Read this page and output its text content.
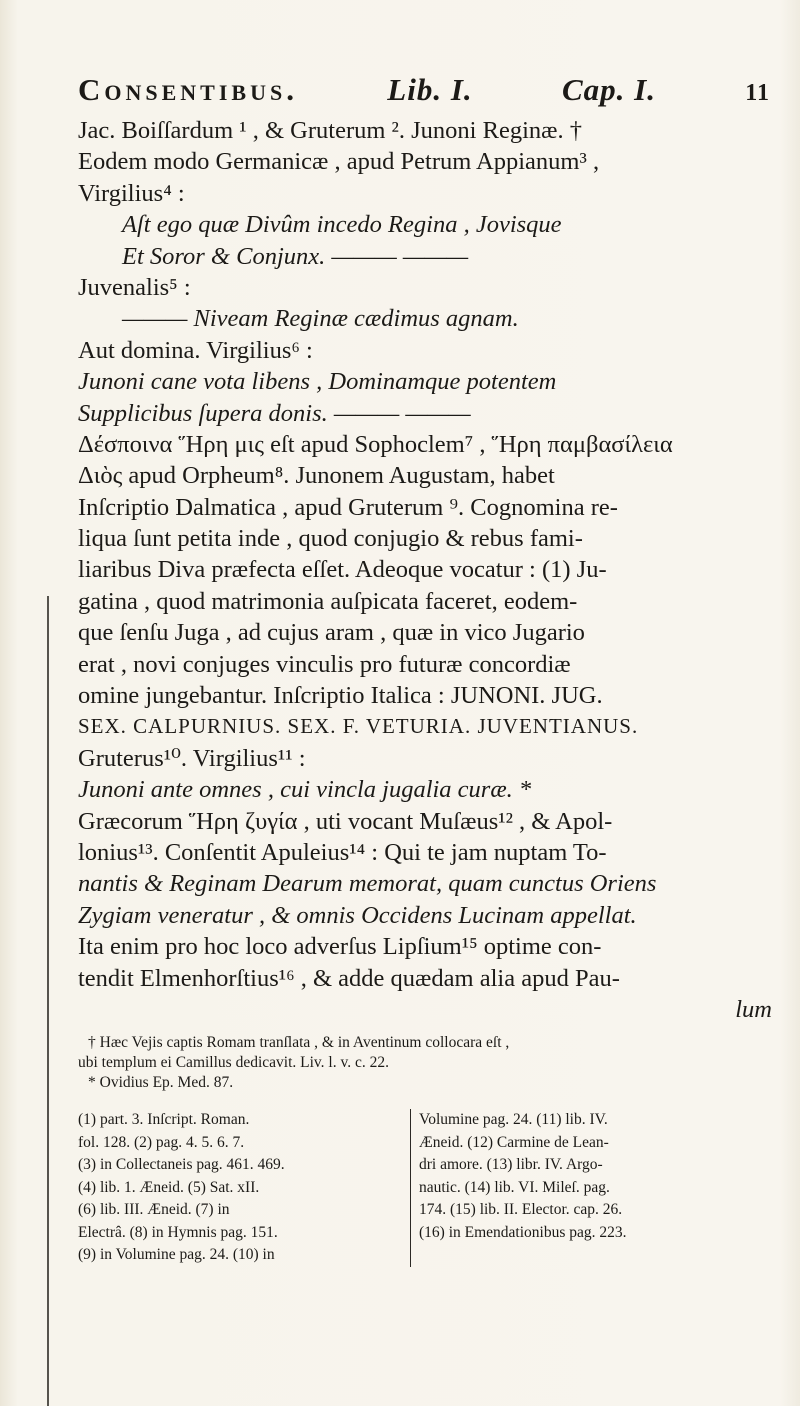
Consentibus.	Lib. I.	Cap. I.	11
Jac. Boiſſardum ¹ , & Gruterum ². Junoni Reginæ. †
Eodem modo Germanicæ , apud Petrum Appianum³ ,
Virgilius⁴ :
Aſt ego quæ Divûm incedo Regina , Jovisque
Et Soror & Conjunx. ——— ———
Juvenalis⁵ :
——— Niveam Reginæ cædimus agnam.
Aut domina. Virgilius⁶ :
Junoni cane vota libens , Dominamque potentem
Supplicibus ſupera donis. ——— ———
Δέσποινα Ἥρη μις eſt apud Sophoclem⁷ , Ἥρη παμβασίλεια
Διὸς apud Orpheum⁸. Junonem Augustam, habet
Inſcriptio Dalmatica , apud Gruterum ⁹. Cognomina re-
liqua ſunt petita inde , quod conjugio & rebus fami-
liaribus Diva præfecta eſſet. Adeoque vocatur : (1) Ju-
gatina , quod matrimonia auſpicata faceret, eodem-
que ſenſu Juga , ad cujus aram , quæ in vico Jugario
erat , novi conjuges vinculis pro futuræ concordiæ
omine jungebantur. Inſcriptio Italica : JUNONI. JUG.
SEX. CALPURNIUS. SEX. F. VETURIA. JUVENTIANUS.
Gruterus¹⁰. Virgilius¹¹ :
Junoni ante omnes , cui vincla jugalia curæ. *
Græcorum Ἥρη ζυγία , uti vocant Muſæus¹² , & Apol-
lonius¹³. Conſentit Apuleius¹⁴ : Qui te jam nuptam To-
nantis & Reginam Dearum memorat, quam cunctus Oriens
Zygiam veneratur , & omnis Occidens Lucinam appellat.
Ita enim pro hoc loco adverſus Lipſium¹⁵ optime con-
tendit Elmenhorſtius¹⁶ , & adde quædam alia apud Pau-
lum
† Hæc Vejis captis Romam tranſlata , & in Aventinum collocara eſt ,
ubi templum ei Camillus dedicavit. Liv. l. v. c. 22.
* Ovidius Ep. Med. 87.
(1) part. 3. Inſcript. Roman.
fol. 128. (2) pag. 4. 5. 6. 7.
(3) in Collectaneis pag. 461. 469.
(4) lib. 1. Æneid. (5) Sat. xII.
(6) lib. III. Æneid. (7) in
Electrâ. (8) in Hymnis pag. 151.
(9) in Volumine pag. 24. (10) in
Volumine pag. 24. (11) lib. IV.
Æneid. (12) Carmine de Lean-
dri amore. (13) libr. IV. Argo-
nautic. (14) lib. VI. Mileſ. pag.
174. (15) lib. II. Elector. cap. 26.
(16) in Emendationibus pag. 223.
